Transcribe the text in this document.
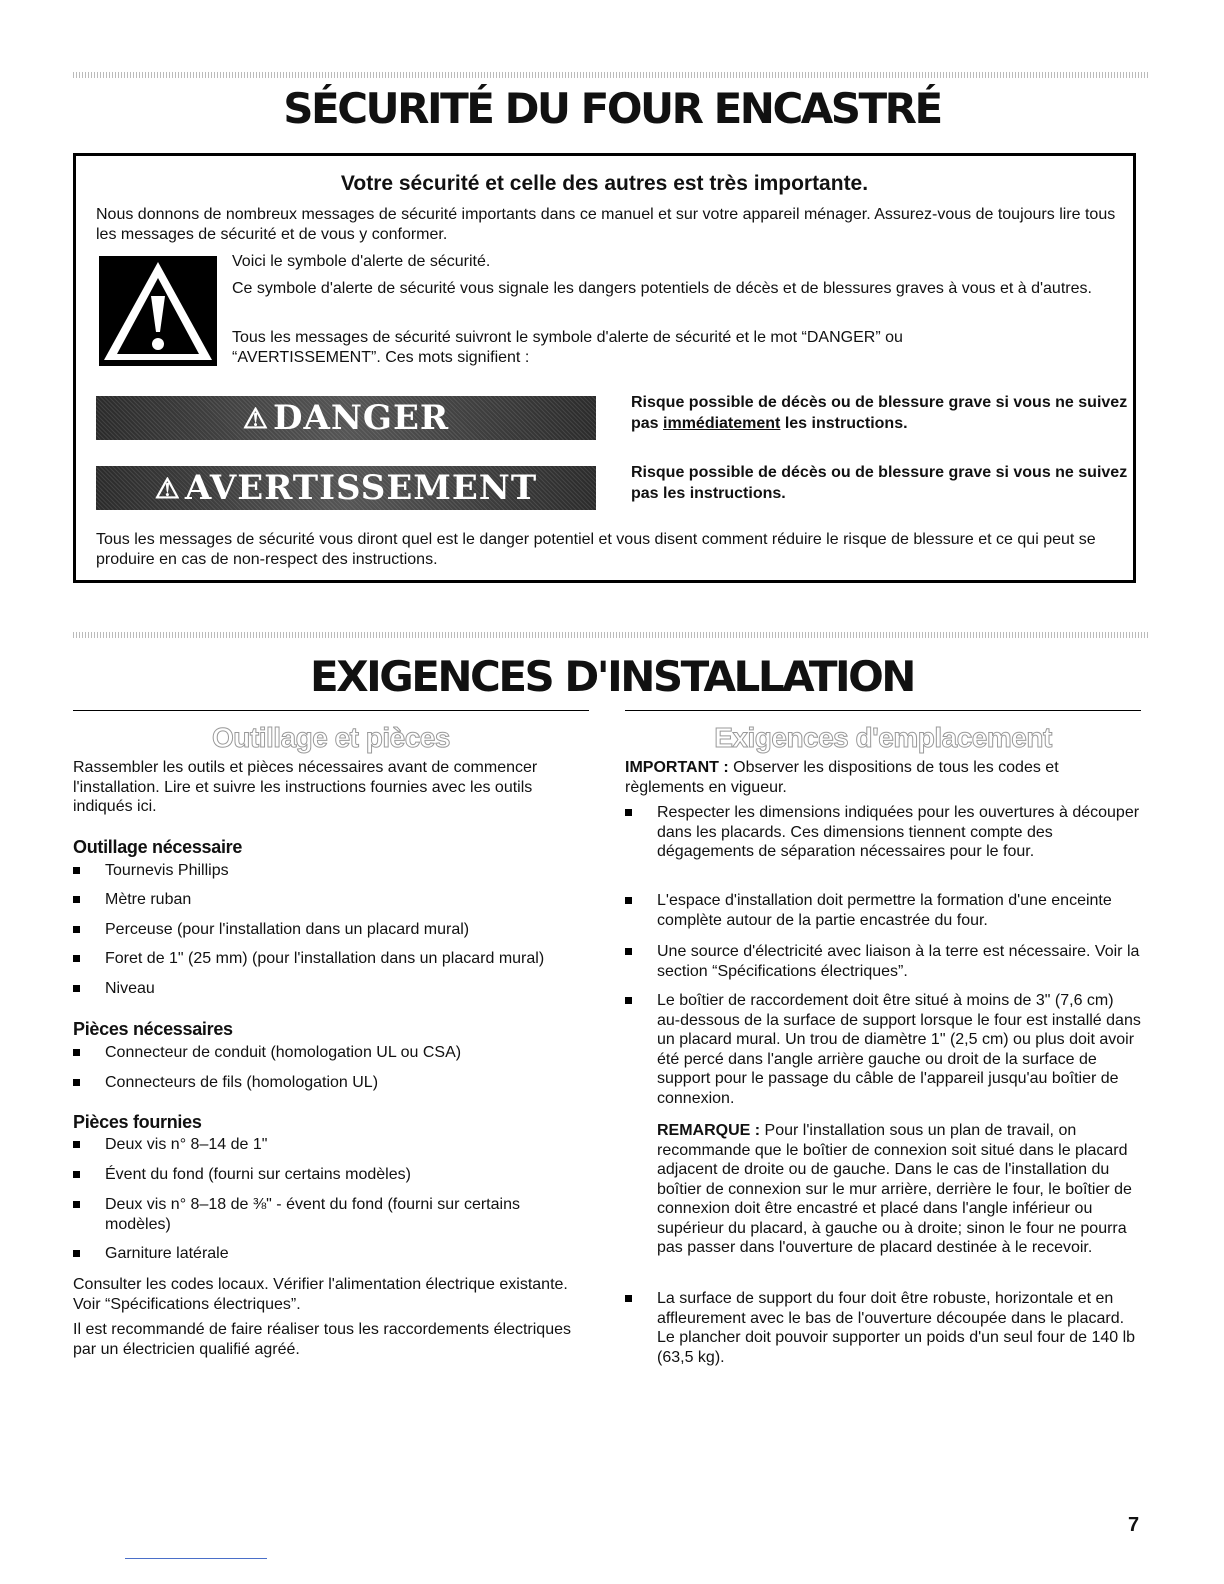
SÉCURITÉ DU FOUR ENCASTRÉ
Votre sécurité et celle des autres est très importante.

Nous donnons de nombreux messages de sécurité importants dans ce manuel et sur votre appareil ménager. Assurez-vous de toujours lire tous les messages de sécurité et de vous y conformer.

Voici le symbole d'alerte de sécurité.

Ce symbole d'alerte de sécurité vous signale les dangers potentiels de décès et de blessures graves à vous et à d'autres.

Tous les messages de sécurité suivront le symbole d'alerte de sécurité et le mot “DANGER” ou “AVERTISSEMENT”. Ces mots signifient :

⚠ DANGER	Risque possible de décès ou de blessure grave si vous ne suivez pas immédiatement les instructions.

⚠ AVERTISSEMENT	Risque possible de décès ou de blessure grave si vous ne suivez pas les instructions.

Tous les messages de sécurité vous diront quel est le danger potentiel et vous disent comment réduire le risque de blessure et ce qui peut se produire en cas de non-respect des instructions.

EXIGENCES D'INSTALLATION
Outillage et pièces

Rassembler les outils et pièces nécessaires avant de commencer l'installation. Lire et suivre les instructions fournies avec les outils indiqués ici.

Outillage nécessaire
Tournevis Phillips
Mètre ruban
Perceuse (pour l'installation dans un placard mural)
Foret de 1" (25 mm) (pour l'installation dans un placard mural)
Niveau
Pièces nécessaires
Connecteur de conduit (homologation UL ou CSA)
Connecteurs de fils (homologation UL)
Pièces fournies
Deux vis n° 8–14 de 1"
Évent du fond (fourni sur certains modèles)
Deux vis n° 8–18 de ⅜" - évent du fond (fourni sur certains modèles)
Garniture latérale

Consulter les codes locaux. Vérifier l'alimentation électrique existante. Voir “Spécifications électriques”.

Il est recommandé de faire réaliser tous les raccordements électriques par un électricien qualifié agréé.

Exigences d'emplacement

IMPORTANT : Observer les dispositions de tous les codes et règlements en vigueur.

Respecter les dimensions indiquées pour les ouvertures à découper dans les placards. Ces dimensions tiennent compte des dégagements de séparation nécessaires pour le four.
L'espace d'installation doit permettre la formation d'une enceinte complète autour de la partie encastrée du four.
Une source d'électricité avec liaison à la terre est nécessaire. Voir la section “Spécifications électriques”.
Le boîtier de raccordement doit être situé à moins de 3" (7,6 cm) au-dessous de la surface de support lorsque le four est installé dans un placard mural. Un trou de diamètre 1" (2,5 cm) ou plus doit avoir été percé dans l'angle arrière gauche ou droit de la surface de support pour le passage du câble de l'appareil jusqu'au boîtier de connexion.

REMARQUE : Pour l'installation sous un plan de travail, on recommande que le boîtier de connexion soit situé dans le placard adjacent de droite ou de gauche. Dans le cas de l'installation du boîtier de connexion sur le mur arrière, derrière le four, le boîtier de connexion doit être encastré et placé dans l'angle inférieur ou supérieur du placard, à gauche ou à droite; sinon le four ne pourra pas passer dans l'ouverture de placard destinée à le recevoir.

La surface de support du four doit être robuste, horizontale et en affleurement avec le bas de l'ouverture découpée dans le placard. Le plancher doit pouvoir supporter un poids d'un seul four de 140 lb (63,5 kg).
7
